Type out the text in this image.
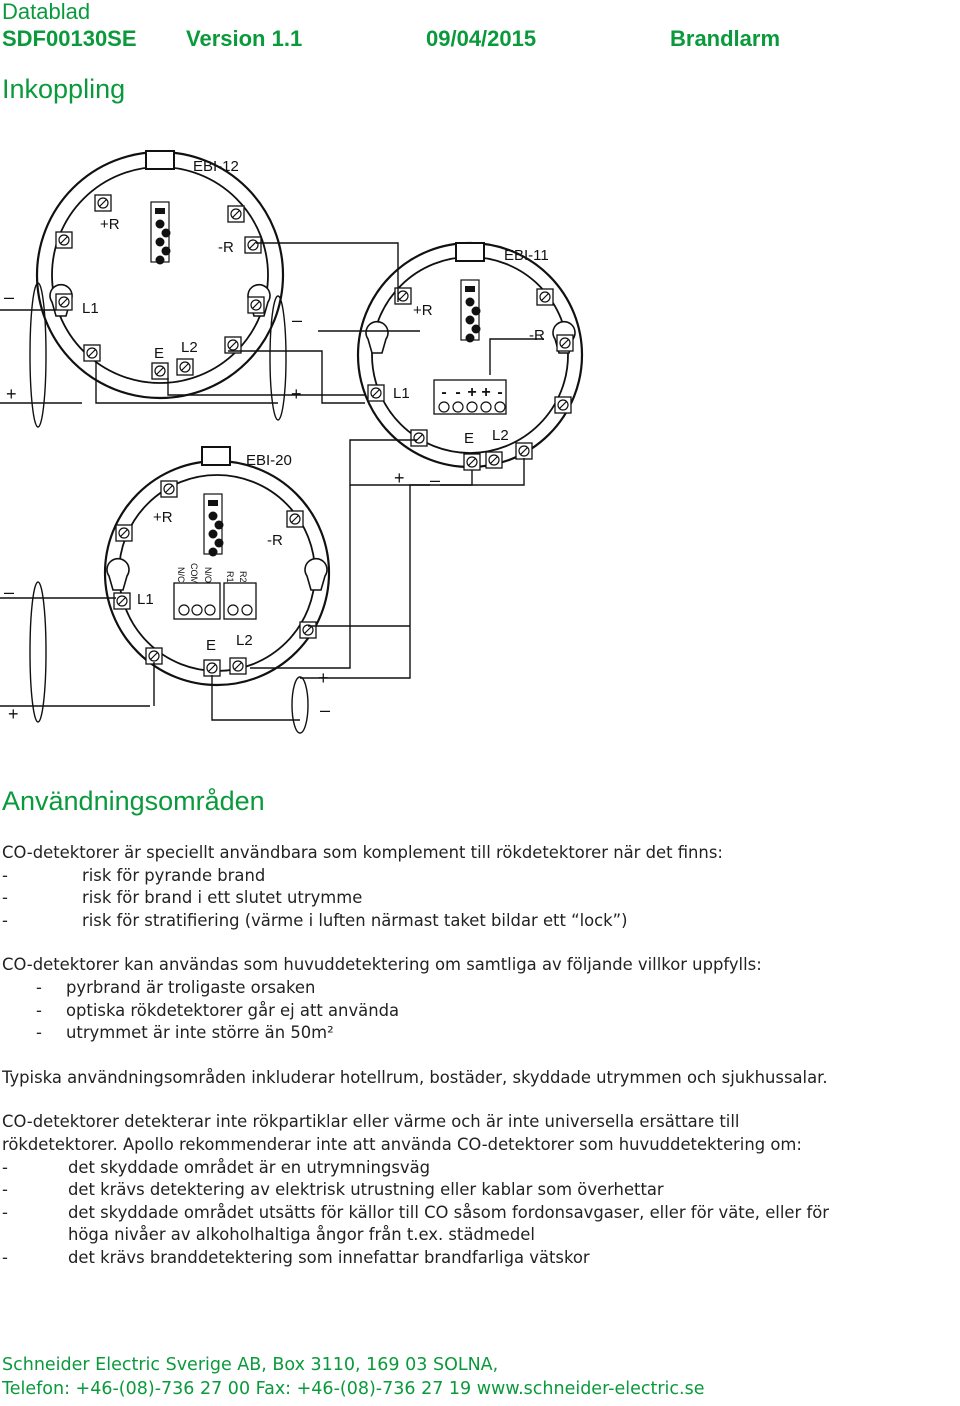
Datablad
SDF00130SE Version 1.1	09/04/2015	Brandlarm
Inkoppling
+R
-R
L1
E L2
EBI-12
- - + + -
+R
-R
L1
E L2
EBI-11
N/C COM N/O R1 R2
+R
-R
L1
E L2
EBI-20
–
+
–
+
+ –
–
+
+
–
Användningsområden
CO-detektorer är speciellt användbara som komplement till rökdetektorer när det finns:
-	risk för pyrande brand
-	risk för brand i ett slutet utrymme
-	risk för stratifiering (värme i luften närmast taket bildar ett “lock”)
CO-detektorer kan användas som huvuddetektering om samtliga av följande villkor uppfylls:
- pyrbrand är troligaste orsaken
- optiska rökdetektorer går ej att använda
- utrymmet är inte större än 50m²
Typiska användningsområden inkluderar hotellrum, bostäder, skyddade utrymmen och sjukhussalar.
CO-detektorer detekterar inte rökpartiklar eller värme och är inte universella ersättare till
rökdetektorer. Apollo rekommenderar inte att använda CO-detektorer som huvuddetektering om:
-	det skyddade området är en utrymningsväg
-	det krävs detektering av elektrisk utrustning eller kablar som överhettar
-	det skyddade området utsätts för källor till CO såsom fordonsavgaser, eller för väte, eller för
höga nivåer av alkoholhaltiga ångor från t.ex. städmedel
-	det krävs branddetektering som innefattar brandfarliga vätskor
Schneider Electric Sverige AB, Box 3110, 169 03 SOLNA,
Telefon: +46-(08)-736 27 00 Fax: +46-(08)-736 27 19 www.schneider-electric.se
